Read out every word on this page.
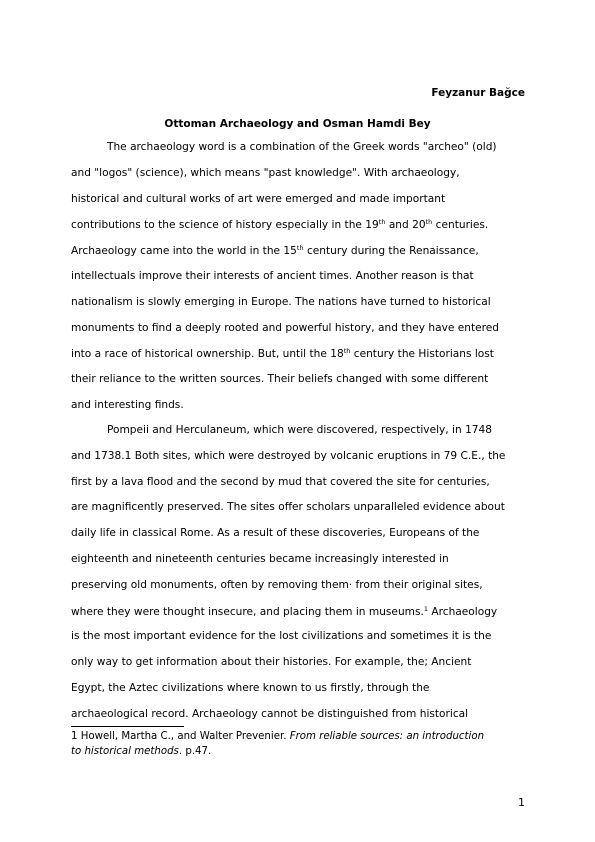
Feyzanur Bağce
Ottoman Archaeology and Osman Hamdi Bey
The archaeology word is a combination of the Greek words "archeo" (old)
and "logos" (science), which means "past knowledge". With archaeology,
historical and cultural works of art were emerged and made important
contributions to the science of history especially in the 19th and 20th centuries.
Archaeology came into the world in the 15th century during the Renaissance,
intellectuals improve their interests of ancient times. Another reason is that
nationalism is slowly emerging in Europe. The nations have turned to historical
monuments to find a deeply rooted and powerful history, and they have entered
into a race of historical ownership. But, until the 18th century the Historians lost
their reliance to the written sources. Their beliefs changed with some different
and interesting finds.
Pompeii and Herculaneum, which were discovered, respectively, in 1748
and 1738.1 Both sites, which were destroyed by volcanic eruptions in 79 C.E., the
first by a lava flood and the second by mud that covered the site for centuries,
are magnificently preserved. The sites offer scholars unparalleled evidence about
daily life in classical Rome. As a result of these discoveries, Europeans of the
eighteenth and nineteenth centuries became increasingly interested in
preserving old monuments, often by removing them· from their original sites,
where they were thought insecure, and placing them in museums.$^1$ Archaeology
is the most important evidence for the lost civilizations and sometimes it is the
only way to get information about their histories. For example, the; Ancient
Egypt, the Aztec civilizations where known to us firstly, through the
archaeological record. Archaeology cannot be distinguished from historical
1 Howell, Martha C., and Walter Prevenier. From reliable sources: an introduction
to historical methods. p.47.
1
